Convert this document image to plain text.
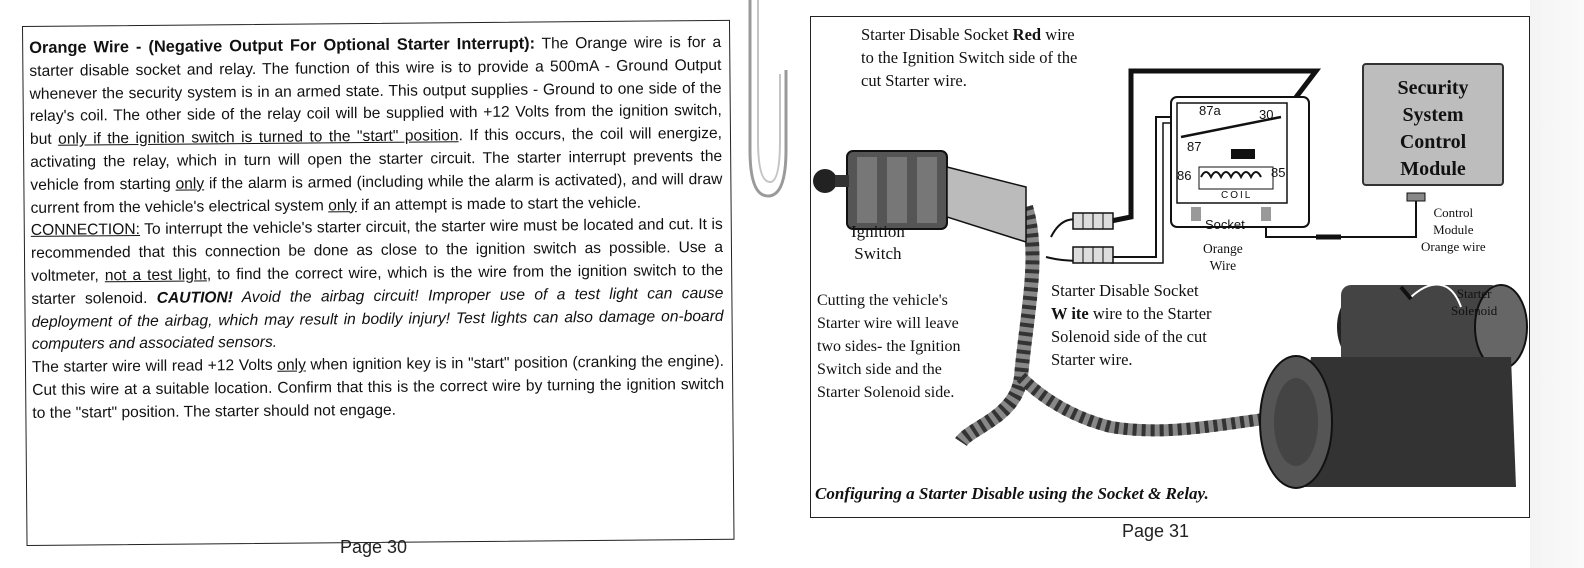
Orange Wire - (Negative Output For Optional Starter Interrupt): The Orange wire is for a starter disable socket and relay. The function of this wire is to provide a 500mA - Ground Output whenever the security system is in an armed state. This output supplies - Ground to one side of the relay's coil. The other side of the relay coil will be supplied with +12 Volts from the ignition switch, but only if the ignition switch is turned to the "start" position. If this occurs, the coil will energize, activating the relay, which in turn will open the starter circuit. The starter interrupt prevents the vehicle from starting only if the alarm is armed (including while the alarm is activated), and will draw current from the vehicle's electrical system only if an attempt is made to start the vehicle.

CONNECTION: To interrupt the vehicle's starter circuit, the starter wire must be located and cut. It is recommended that this connection be done as close to the ignition switch as possible. Use a voltmeter, not a test light, to find the correct wire, which is the wire from the ignition switch to the starter solenoid. CAUTION! Avoid the airbag circuit! Improper use of a test light can cause deployment of the airbag, which may result in bodily injury! Test lights can also damage on-board computers and associated sensors.

The starter wire will read +12 Volts only when ignition key is in "start" position (cranking the engine). Cut this wire at a suitable location. Confirm that this is the correct wire by turning the ignition switch to the "start" position. The starter should not engage.

Page 30
Starter Disable Socket Red wire
to the Ignition Switch side of the
cut Starter wire.	Security
System
Control
Module
Control
Module
Orange wire
87a	30
87
86	85
COIL
Socket
Orange
Wire
Ignition
Switch
Starter
Solenoid
Cutting the vehicle's
Starter wire will leave
two sides- the Ignition
Switch side and the
Starter Solenoid side.
Starter Disable Socket
W ite wire to the Starter
Solenoid side of the cut
Starter wire.
Configuring a Starter Disable using the Socket & Relay.
Page 31
